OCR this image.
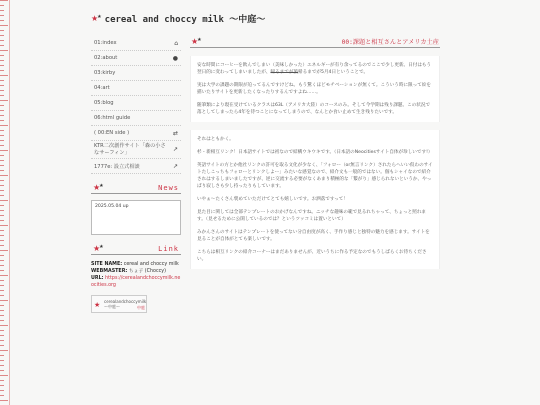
★★ cereal and choccy milk 〜中庭〜
01:index	⌂
02:about	●
03:kirby
04:art
05:blog
06:html guide
( 00:EN side )	⇄
KTR二次創作サイト「森の小さなサーフィン」	↗
1777e: 設立式相談	↗
★★	News
2025.05.04 up
★★	Link
SITE NAME: cereal and choccy milk
WEBMASTER: ちょ子 (Choccy)
URL: https://cerealandchoccymilk.neocities.org
★ cerealandchoccymilk
〜中庭〜	中庭
★★	00:課題と相互さんとアメリカ土産

安な時間にコーヒーを飲んでしまい（美味しかった）エネルギーが有り余ってるのでここで少し更新。日付はもう翌日的に変わってしまいましたが、帰るまでが旅帰るまでが5月4日ということで。

実は大学の課題の期限が迫ってるんですけどね。もう驚くほどモチベーションが無くて。こういう時に限って絵を描いたりサイトを更新したくなったりするんですよね……。

随筆類により現在受けているクラスは63L（アメリカ大陸）のコースのみ。そして今学期は残り課題。この状況で落としてしまったら4年を待つことになってしまうので、なんとか食い止めて生き残りたいです。

それはともかく。

杉・新相互リンク！日本語サイトでは初なので結構ウキウキです。（日本語のNeocitiesサイト自体が珍しいです!）

英語サイトの方とか他社リンクの許可を取る文化が少なく、「フォロー（or無言リンク）されたらへいい仮わのサイトたしこっちもフォローとリンクしよー」みたいな感覚なので、紹介文も一般的ではない。個もシャイなので紹介されはするしまいましたですが、逆に交流する必要がなくあまり積極的な「繋がり」感じられないというか、やっぱり寂しさも少し持ったりもしています。

いやぁ〜たくさん褒めていただけてとても嬉しいです。お洒落ですって！

見た目に関しては全部テンプレートのおかげなんですね。ニッチな趣味の範で見るれちゃって、ちょっと照れます。（見せるために公開しているのでは？というツッコミは置いといて）

みかんさんのサイトはテンプレートを使ってない分自由度が高く、手作り感じと独特の魅力を感じます。サイトを見ることが自体がとても楽しいです。

こちらは相互リンクの紹介コーナーはまだありませんが、近いうちに作る予定なのでもうしばらくお待ちください。
